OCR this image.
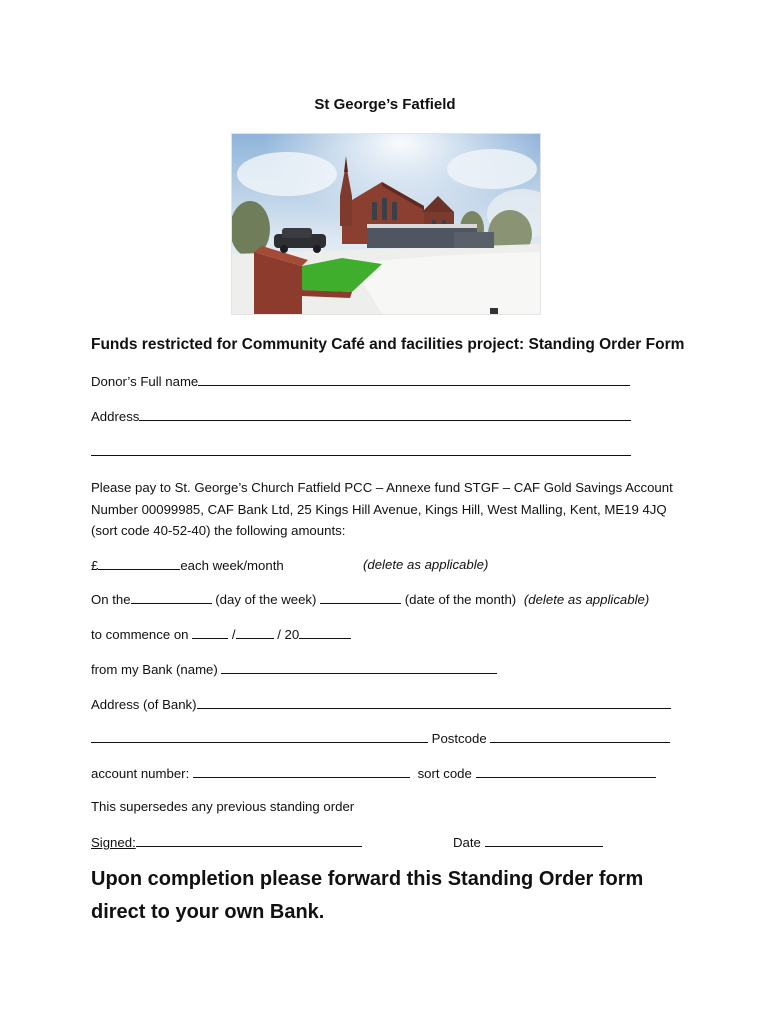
St George’s Fatfield
Funds restricted for Community Café and facilities project: Standing Order Form
Donor’s Full name
Address
Please pay to St. George’s Church Fatfield PCC – Annexe fund STGF – CAF Gold Savings Account
Number 00099985, CAF Bank Ltd, 25 Kings Hill Avenue, Kings Hill, West Malling, Kent, ME19 4JQ
(sort code 40-52-40) the following amounts:
£	each week/month	(delete as applicable)
On the	(day of the week)	(date of the month) (delete as applicable)
to commence on	/	/ 20
from my Bank (name)
Address (of Bank)
Postcode
account number:	sort code
This supersedes any previous standing order
Signed:	Date
Upon completion please forward this Standing Order form
direct to your own Bank.
